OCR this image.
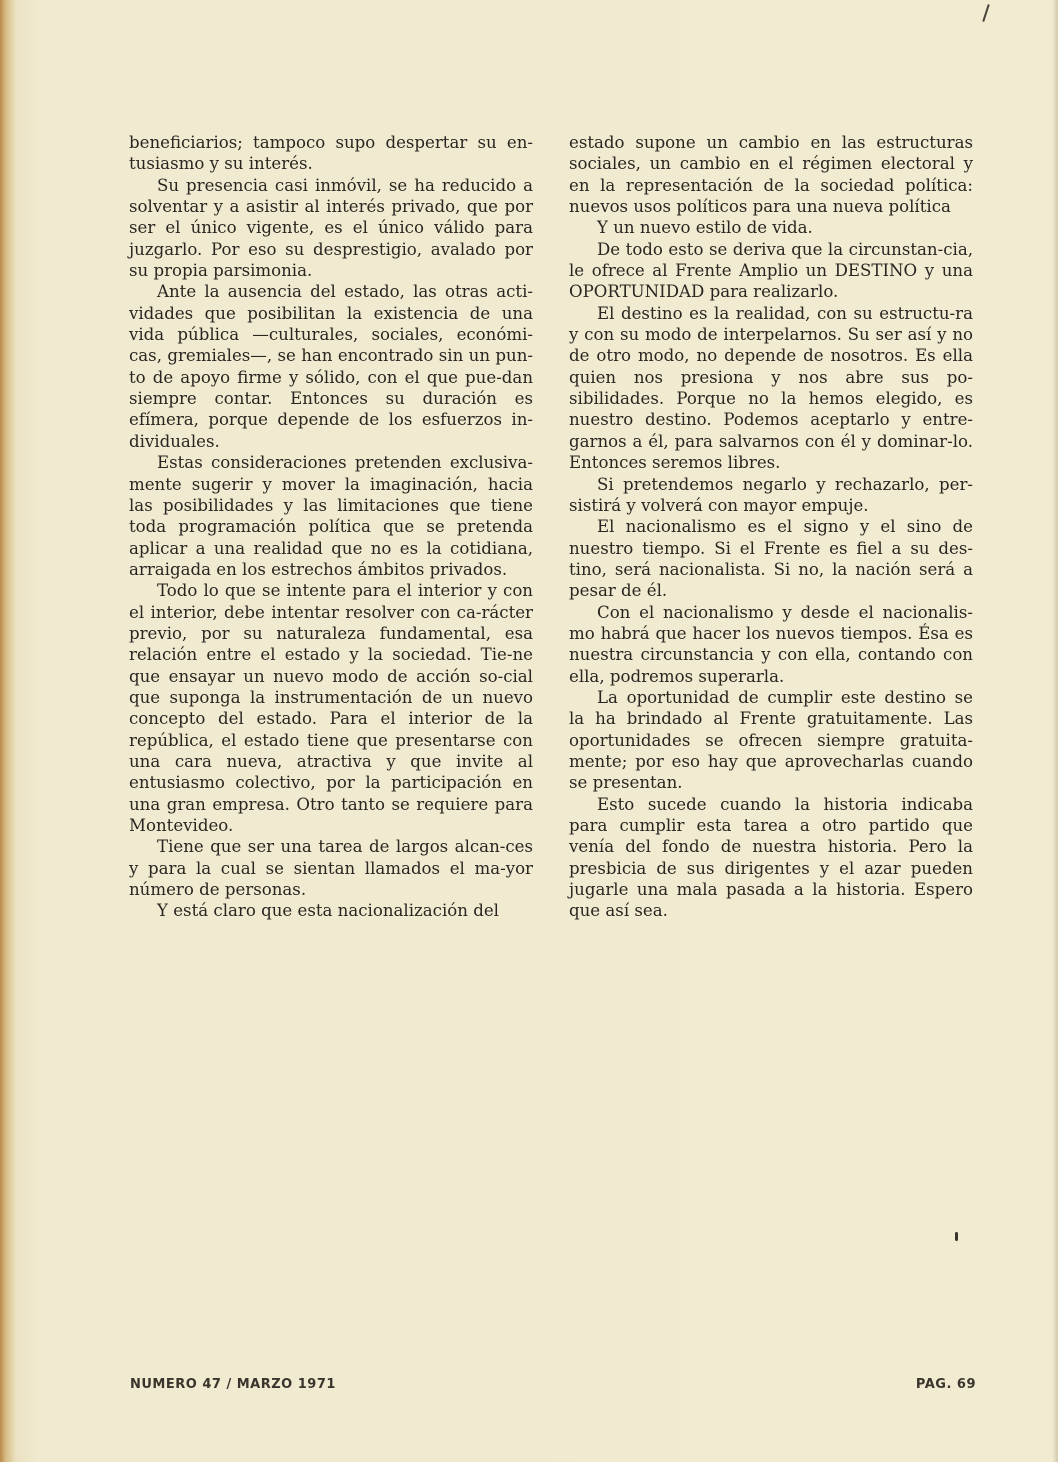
beneficiarios; tampoco supo despertar su en-tusiasmo y su interés.

Su presencia casi inmóvil, se ha reducido a solventar y a asistir al interés privado, que por ser el único vigente, es el único válido para juzgarlo. Por eso su desprestigio, avalado por su propia parsimonia.

Ante la ausencia del estado, las otras acti-vidades que posibilitan la existencia de una vida pública —culturales, sociales, económi-cas, gremiales—, se han encontrado sin un pun-to de apoyo firme y sólido, con el que pue-dan siempre contar. Entonces su duración es efímera, porque depende de los esfuerzos in-dividuales.

Estas consideraciones pretenden exclusiva-mente sugerir y mover la imaginación, hacia las posibilidades y las limitaciones que tiene toda programación política que se pretenda aplicar a una realidad que no es la cotidiana, arraigada en los estrechos ámbitos privados.

Todo lo que se intente para el interior y con el interior, debe intentar resolver con ca-rácter previo, por su naturaleza fundamental, esa relación entre el estado y la sociedad. Tie-ne que ensayar un nuevo modo de acción so-cial que suponga la instrumentación de un nuevo concepto del estado. Para el interior de la república, el estado tiene que presentarse con una cara nueva, atractiva y que invite al entusiasmo colectivo, por la participación en una gran empresa. Otro tanto se requiere para Montevideo.

Tiene que ser una tarea de largos alcan-ces y para la cual se sientan llamados el ma-yor número de personas.

Y está claro que esta nacionalización del

estado supone un cambio en las estructuras sociales, un cambio en el régimen electoral y en la representación de la sociedad política: nuevos usos políticos para una nueva política

Y un nuevo estilo de vida.

De todo esto se deriva que la circunstan-cia, le ofrece al Frente Amplio un DESTINO y una OPORTUNIDAD para realizarlo.

El destino es la realidad, con su estructu-ra y con su modo de interpelarnos. Su ser así y no de otro modo, no depende de nosotros. Es ella quien nos presiona y nos abre sus po-sibilidades. Porque no la hemos elegido, es nuestro destino. Podemos aceptarlo y entre-garnos a él, para salvarnos con él y dominar-lo. Entonces seremos libres.

Si pretendemos negarlo y rechazarlo, per-sistirá y volverá con mayor empuje.

El nacionalismo es el signo y el sino de nuestro tiempo. Si el Frente es fiel a su des-tino, será nacionalista. Si no, la nación será a pesar de él.

Con el nacionalismo y desde el nacionalis-mo habrá que hacer los nuevos tiempos. Ésa es nuestra circunstancia y con ella, contando con ella, podremos superarla.

La oportunidad de cumplir este destino se la ha brindado al Frente gratuitamente. Las oportunidades se ofrecen siempre gratuita-mente; por eso hay que aprovecharlas cuando se presentan.

Esto sucede cuando la historia indicaba para cumplir esta tarea a otro partido que venía del fondo de nuestra historia. Pero la presbicia de sus dirigentes y el azar pueden jugarle una mala pasada a la historia. Espero que así sea.

NUMERO 47 / MARZO 1971	PAG. 69
